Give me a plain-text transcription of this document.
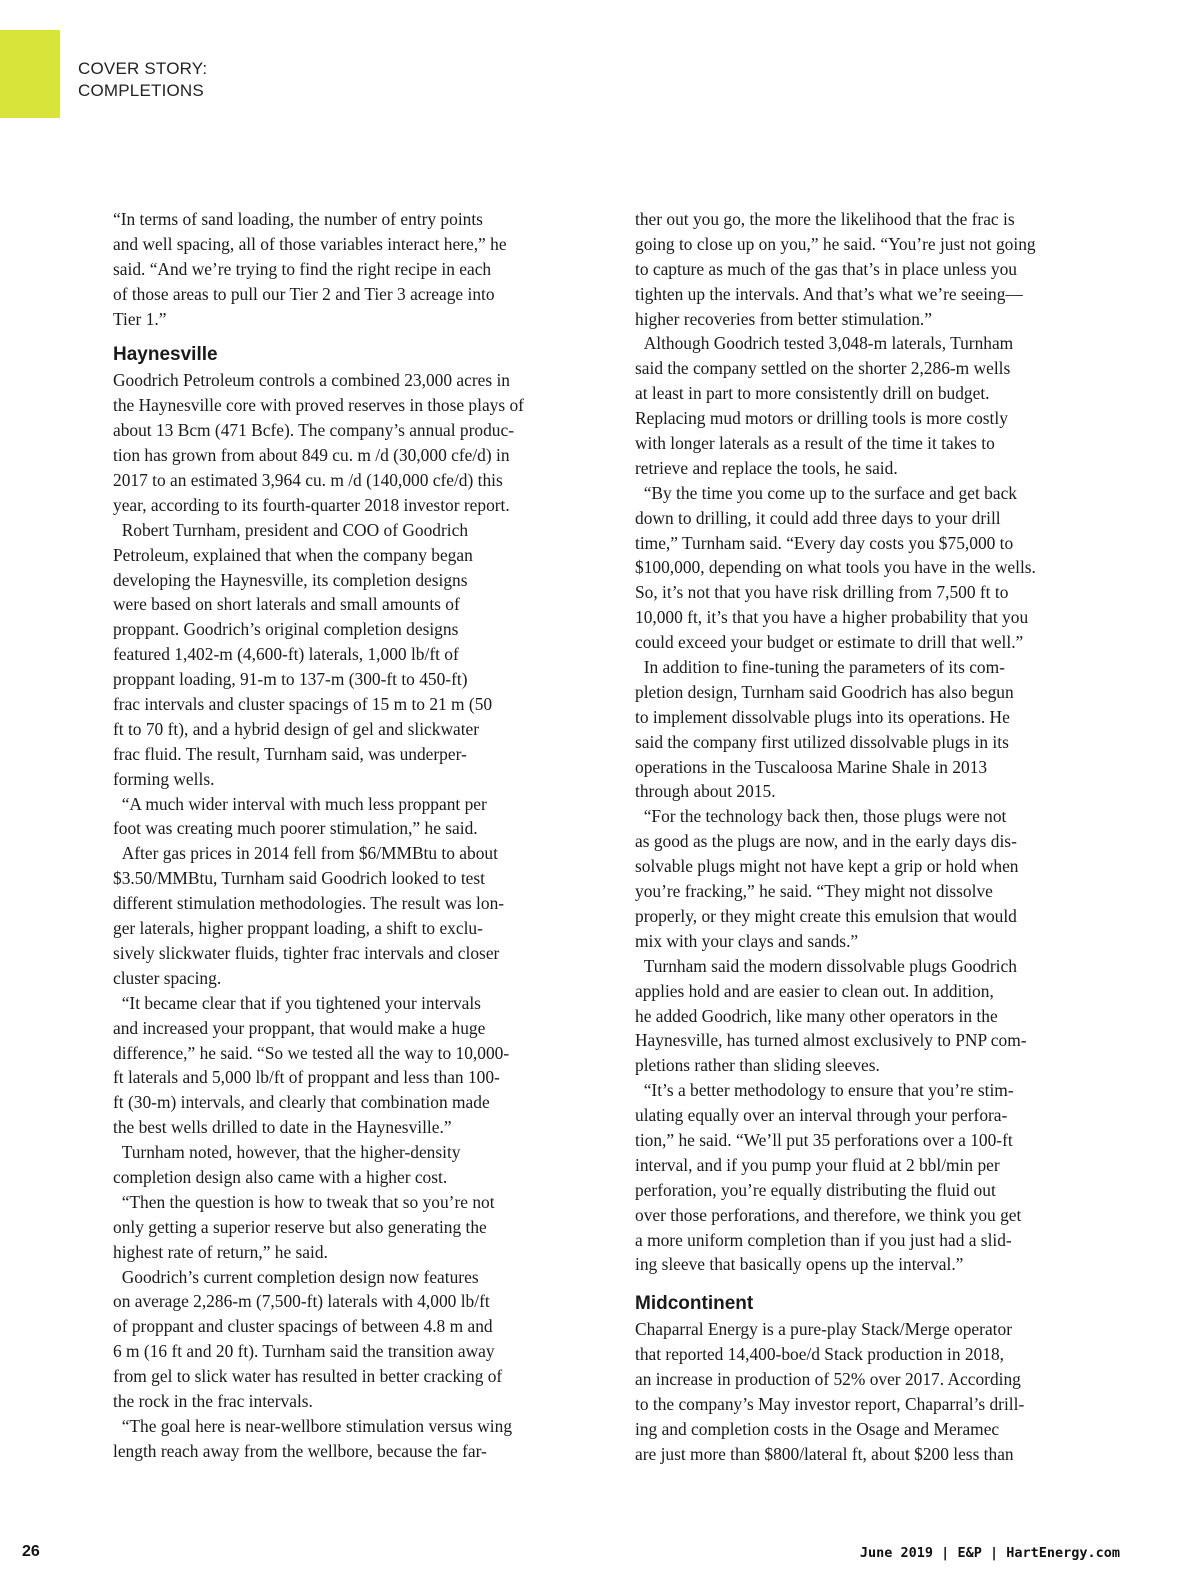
COVER STORY:
COMPLETIONS
“In terms of sand loading, the number of entry points
and well spacing, all of those variables interact here,” he
said. “And we’re trying to find the right recipe in each
of those areas to pull our Tier 2 and Tier 3 acreage into
Tier 1.”
Haynesville
Goodrich Petroleum controls a combined 23,000 acres in
the Haynesville core with proved reserves in those plays of
about 13 Bcm (471 Bcfe). The company’s annual produc-
tion has grown from about 849 cu. m /d (30,000 cfe/d) in
2017 to an estimated 3,964 cu. m /d (140,000 cfe/d) this
year, according to its fourth-quarter 2018 investor report.
Robert Turnham, president and COO of Goodrich
Petroleum, explained that when the company began
developing the Haynesville, its completion designs
were based on short laterals and small amounts of
proppant. Goodrich’s original completion designs
featured 1,402-m (4,600-ft) laterals, 1,000 lb/ft of
proppant loading, 91-m to 137-m (300-ft to 450-ft)
frac intervals and cluster spacings of 15 m to 21 m (50
ft to 70 ft), and a hybrid design of gel and slickwater
frac fluid. The result, Turnham said, was underper-
forming wells.
“A much wider interval with much less proppant per
foot was creating much poorer stimulation,” he said.
After gas prices in 2014 fell from $6/MMBtu to about
$3.50/MMBtu, Turnham said Goodrich looked to test
different stimulation methodologies. The result was lon-
ger laterals, higher proppant loading, a shift to exclu-
sively slickwater fluids, tighter frac intervals and closer
cluster spacing.
“It became clear that if you tightened your intervals
and increased your proppant, that would make a huge
difference,” he said. “So we tested all the way to 10,000-
ft laterals and 5,000 lb/ft of proppant and less than 100-
ft (30-m) intervals, and clearly that combination made
the best wells drilled to date in the Haynesville.”
Turnham noted, however, that the higher-density
completion design also came with a higher cost.
“Then the question is how to tweak that so you’re not
only getting a superior reserve but also generating the
highest rate of return,” he said.
Goodrich’s current completion design now features
on average 2,286-m (7,500-ft) laterals with 4,000 lb/ft
of proppant and cluster spacings of between 4.8 m and
6 m (16 ft and 20 ft). Turnham said the transition away
from gel to slick water has resulted in better cracking of
the rock in the frac intervals.
“The goal here is near-wellbore stimulation versus wing
length reach away from the wellbore, because the far-
ther out you go, the more the likelihood that the frac is
going to close up on you,” he said. “You’re just not going
to capture as much of the gas that’s in place unless you
tighten up the intervals. And that’s what we’re seeing—
higher recoveries from better stimulation.”
Although Goodrich tested 3,048-m laterals, Turnham
said the company settled on the shorter 2,286-m wells
at least in part to more consistently drill on budget.
Replacing mud motors or drilling tools is more costly
with longer laterals as a result of the time it takes to
retrieve and replace the tools, he said.
“By the time you come up to the surface and get back
down to drilling, it could add three days to your drill
time,” Turnham said. “Every day costs you $75,000 to
$100,000, depending on what tools you have in the wells.
So, it’s not that you have risk drilling from 7,500 ft to
10,000 ft, it’s that you have a higher probability that you
could exceed your budget or estimate to drill that well.”
In addition to fine-tuning the parameters of its com-
pletion design, Turnham said Goodrich has also begun
to implement dissolvable plugs into its operations. He
said the company first utilized dissolvable plugs in its
operations in the Tuscaloosa Marine Shale in 2013
through about 2015.
“For the technology back then, those plugs were not
as good as the plugs are now, and in the early days dis-
solvable plugs might not have kept a grip or hold when
you’re fracking,” he said. “They might not dissolve
properly, or they might create this emulsion that would
mix with your clays and sands.”
Turnham said the modern dissolvable plugs Goodrich
applies hold and are easier to clean out. In addition,
he added Goodrich, like many other operators in the
Haynesville, has turned almost exclusively to PNP com-
pletions rather than sliding sleeves.
“It’s a better methodology to ensure that you’re stim-
ulating equally over an interval through your perfora-
tion,” he said. “We’ll put 35 perforations over a 100-ft
interval, and if you pump your fluid at 2 bbl/min per
perforation, you’re equally distributing the fluid out
over those perforations, and therefore, we think you get
a more uniform completion than if you just had a slid-
ing sleeve that basically opens up the interval.”
Midcontinent
Chaparral Energy is a pure-play Stack/Merge operator
that reported 14,400-boe/d Stack production in 2018,
an increase in production of 52% over 2017. According
to the company’s May investor report, Chaparral’s drill-
ing and completion costs in the Osage and Meramec
are just more than $800/lateral ft, about $200 less than
26	June 2019 | E&P | HartEnergy.com
